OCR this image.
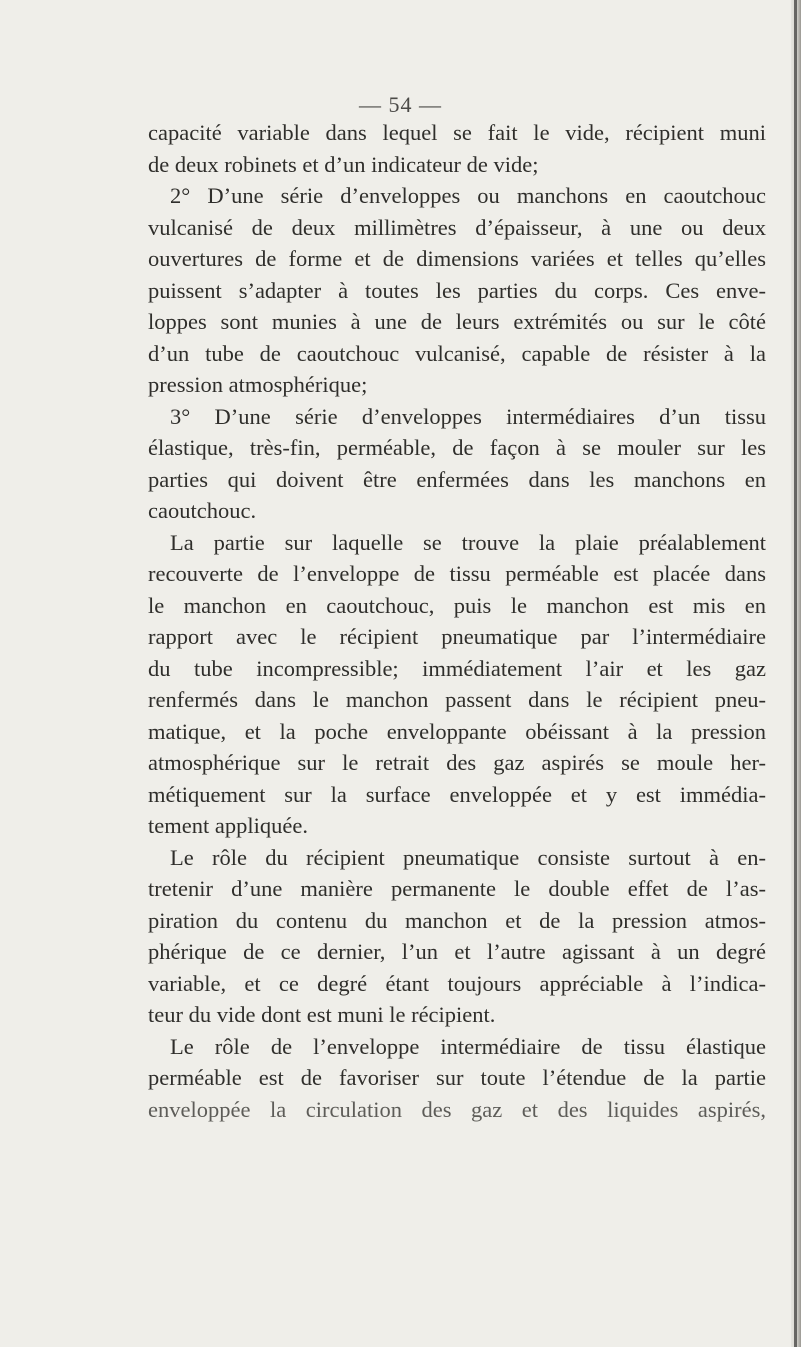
— 54 —
capacité variable dans lequel se fait le vide, récipient muni
de deux robinets et d’un indicateur de vide;
2° D’une série d’enveloppes ou manchons en caoutchouc
vulcanisé de deux millimètres d’épaisseur, à une ou deux
ouvertures de forme et de dimensions variées et telles qu’elles
puissent s’adapter à toutes les parties du corps. Ces enve-
loppes sont munies à une de leurs extrémités ou sur le côté
d’un tube de caoutchouc vulcanisé, capable de résister à la
pression atmosphérique;
3° D’une série d’enveloppes intermédiaires d’un tissu
élastique, très-fin, perméable, de façon à se mouler sur les
parties qui doivent être enfermées dans les manchons en
caoutchouc.
La partie sur laquelle se trouve la plaie préalablement
recouverte de l’enveloppe de tissu perméable est placée dans
le manchon en caoutchouc, puis le manchon est mis en
rapport avec le récipient pneumatique par l’intermédiaire
du tube incompressible; immédiatement l’air et les gaz
renfermés dans le manchon passent dans le récipient pneu-
matique, et la poche enveloppante obéissant à la pression
atmosphérique sur le retrait des gaz aspirés se moule her-
métiquement sur la surface enveloppée et y est immédia-
tement appliquée.
Le rôle du récipient pneumatique consiste surtout à en-
tretenir d’une manière permanente le double effet de l’as-
piration du contenu du manchon et de la pression atmos-
phérique de ce dernier, l’un et l’autre agissant à un degré
variable, et ce degré étant toujours appréciable à l’indica-
teur du vide dont est muni le récipient.
Le rôle de l’enveloppe intermédiaire de tissu élastique
perméable est de favoriser sur toute l’étendue de la partie
enveloppée la circulation des gaz et des liquides aspirés,
